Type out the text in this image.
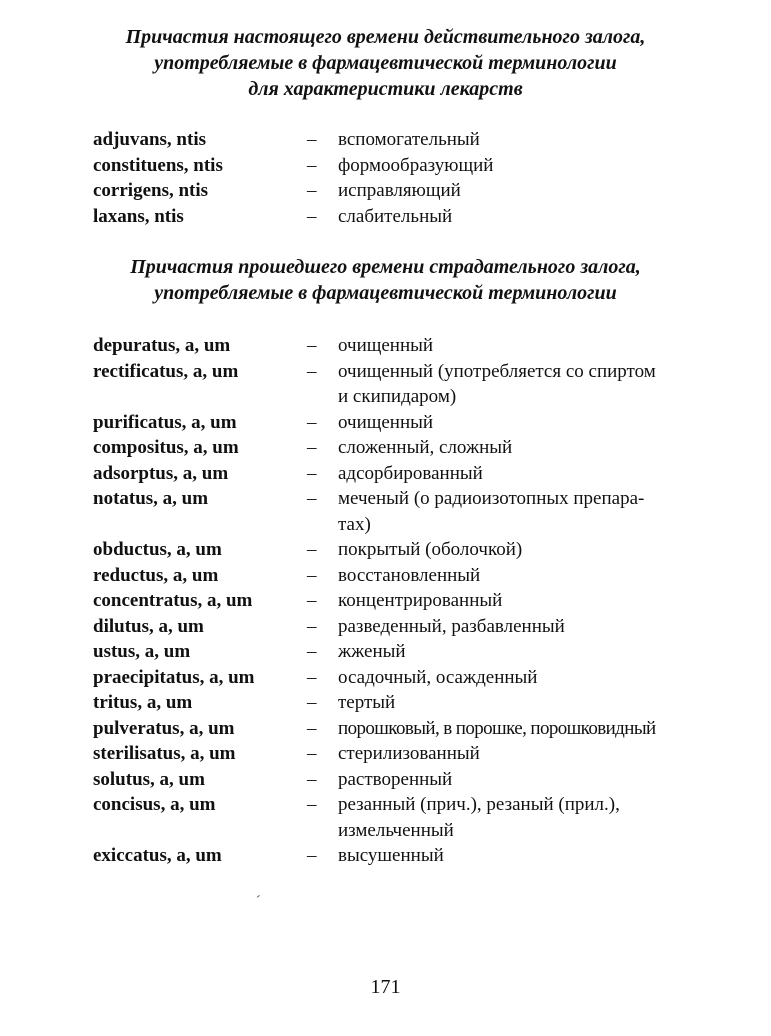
Причастия настоящего времени действительного залога,
употребляемые в фармацевтической терминологии
для характеристики лекарств
adjuvans, ntis	– вспомогательный
constituens, ntis	– формообразующий
corrigens, ntis	– исправляющий
laxans, ntis	– слабительный
Причастия прошедшего времени страдательного залога,
употребляемые в фармацевтической терминологии
depuratus, a, um	– очищенный
rectificatus, a, um	– очищенный (употребляется со спиртом
и скипидаром)
purificatus, a, um	– очищенный
compositus, a, um	– сложенный, сложный
adsorptus, a, um	– адсорбированный
notatus, a, um	– меченый (о радиоизотопных препара-
тах)
obductus, a, um	– покрытый (оболочкой)
reductus, a, um	– восстановленный
concentratus, a, um	– концентрированный
dilutus, a, um	– разведенный, разбавленный
ustus, a, um	– жженый
praecipitatus, a, um	– осадочный, осажденный
tritus, a, um	– тертый
pulveratus, a, um	– порошковый, в порошке, порошковидный
sterilisatus, a, um	– стерилизованный
solutus, a, um	– растворенный
concisus, a, um	– резанный (прич.), резаный (прил.),
измельченный
exiccatus, a, um	– высушенный
ˊ
171
